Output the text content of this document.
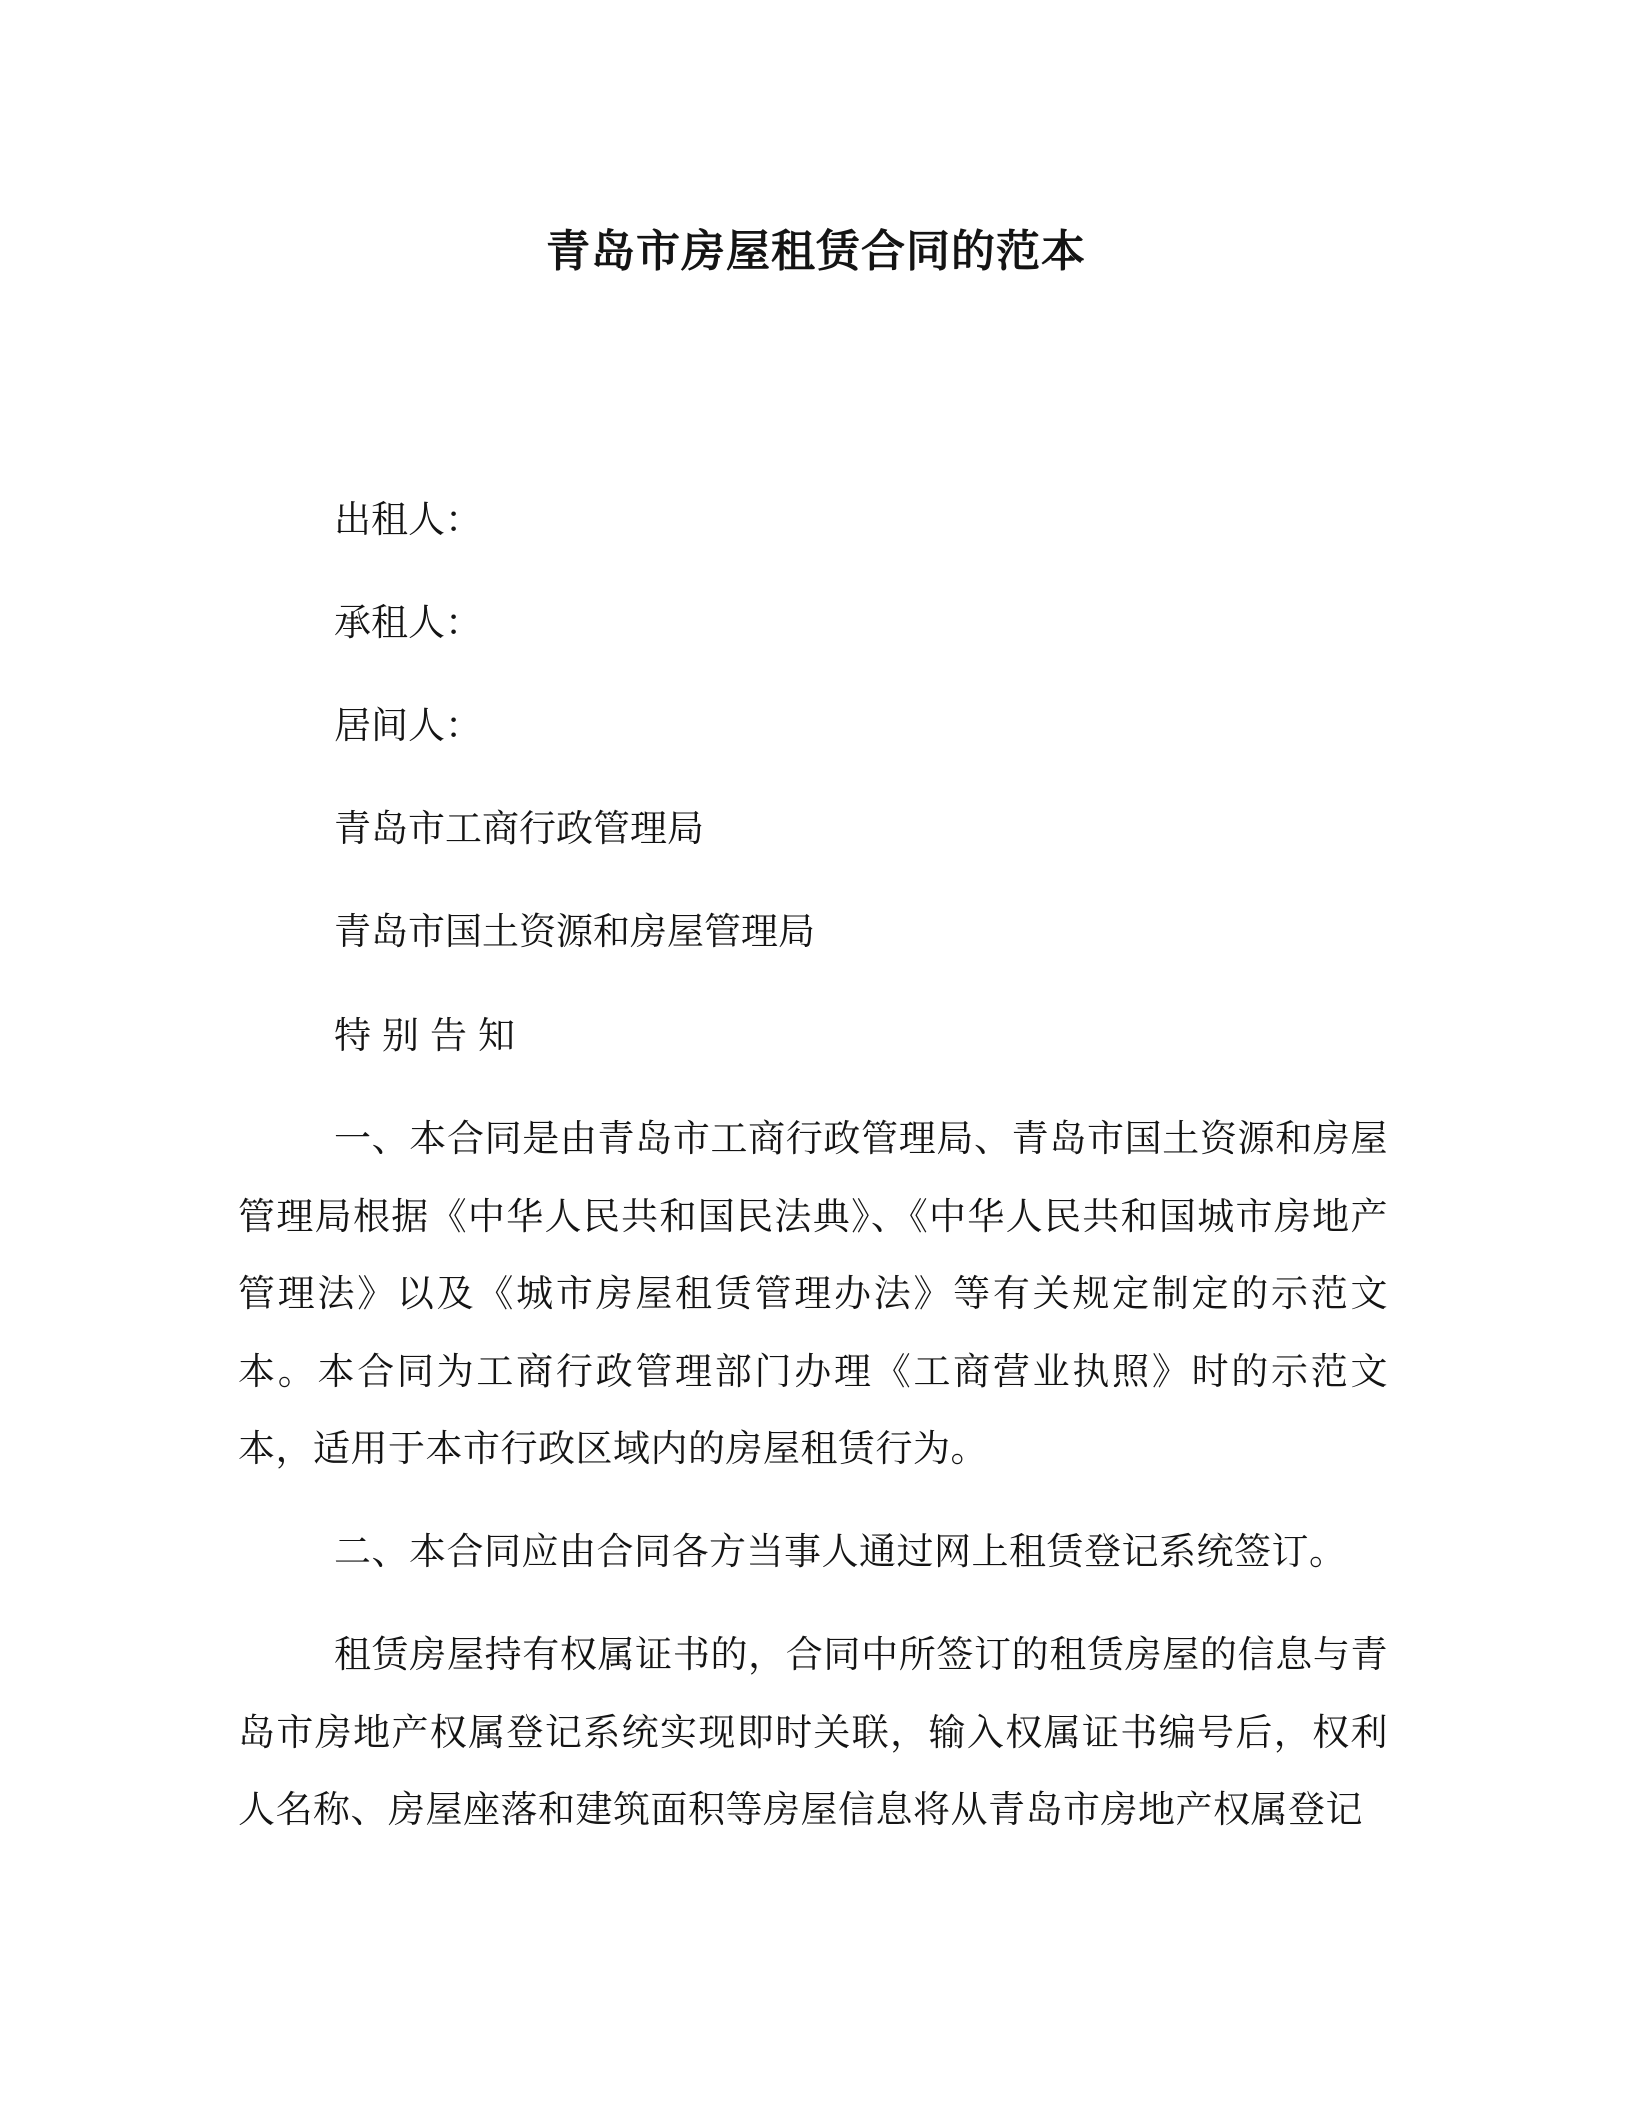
青岛市房屋租赁合同的范本
出租人：
承租人：
居间人：
青岛市工商行政管理局
青岛市国土资源和房屋管理局
特别告知
一、本合同是由青岛市工商行政管理局、青岛市国土资源和房屋管理局根据《中华人民共和国民法典》、《中华人民共和国城市房地产管理法》以及《城市房屋租赁管理办法》等有关规定制定的示范文本。本合同为工商行政管理部门办理《工商营业执照》时的示范文本，适用于本市行政区域内的房屋租赁行为。
二、本合同应由合同各方当事人通过网上租赁登记系统签订。
租赁房屋持有权属证书的，合同中所签订的租赁房屋的信息与青岛市房地产权属登记系统实现即时关联，输入权属证书编号后，权利人名称、房屋座落和建筑面积等房屋信息将从青岛市房地产权属登记
